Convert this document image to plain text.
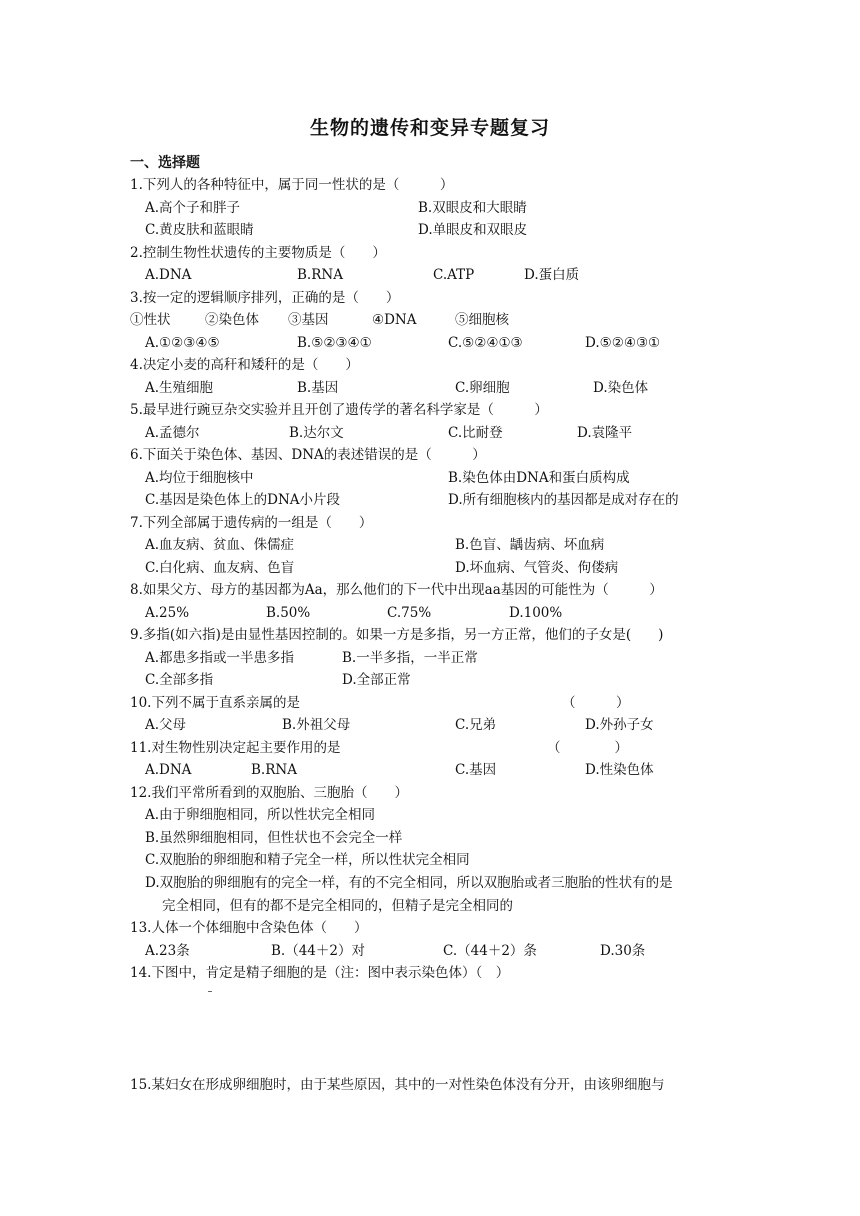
生物的遗传和变异专题复习
一、选择题
1.下列人的各种特征中，属于同一性状的是（　　　）
A.高个子和胖子	B.双眼皮和大眼睛
C.黄皮肤和蓝眼睛	D.单眼皮和双眼皮
2.控制生物性状遗传的主要物质是（　　）
A.DNA	B.RNA	C.ATP	D.蛋白质
3.按一定的逻辑顺序排列，正确的是（　　）
①性状	②染色体 ③基因	④DNA	⑤细胞核
A.①②③④⑤	B.⑤②③④①	C.⑤②④①③	D.⑤②④③①
4.决定小麦的高秆和矮秆的是（　　）
A.生殖细胞	B.基因	C.卵细胞	D.染色体
5.最早进行豌豆杂交实验并且开创了遗传学的著名科学家是（　　　）
A.孟德尔	B.达尔文	C.比耐登	D.袁隆平
6.下面关于染色体、基因、DNA的表述错误的是（　　　）
A.均位于细胞核中	B.染色体由DNA和蛋白质构成
C.基因是染色体上的DNA小片段	D.所有细胞核内的基因都是成对存在的
7.下列全部属于遗传病的一组是（　　）
A.血友病、贫血、侏儒症	B.色盲、龋齿病、坏血病
C.白化病、血友病、色盲	D.坏血病、气管炎、佝偻病
8.如果父方、母方的基因都为Aa，那么他们的下一代中出现aa基因的可能性为（　　　）
A.25%	B.50%	C.75%	D.100%
9.多指(如六指)是由显性基因控制的。如果一方是多指，另一方正常，他们的子女是(　　)
A.都患多指或一半患多指	B.一半多指，一半正常
C.全部多指	D.全部正常
10.下列不属于直系亲属的是	（　　　）
A.父母	B.外祖父母	C.兄弟	D.外孙子女
11.对生物性别决定起主要作用的是	（　　　　）
A.DNA	B.RNA	C.基因	D.性染色体
12.我们平常所看到的双胞胎、三胞胎（　　）
A.由于卵细胞相同，所以性状完全相同
B.虽然卵细胞相同，但性状也不会完全一样
C.双胞胎的卵细胞和精子完全一样，所以性状完全相同
D.双胞胎的卵细胞有的完全一样，有的不完全相同，所以双胞胎或者三胞胎的性状有的是
完全相同，但有的都不是完全相同的，但精子是完全相同的
13.人体一个体细胞中含染色体（　　）
A.23条	B.（44＋2）对	C.（44＋2）条	D.30条
14.下图中，肯定是精子细胞的是（注：图中表示染色体）（　）
15.某妇女在形成卵细胞时，由于某些原因，其中的一对性染色体没有分开，由该卵细胞与
